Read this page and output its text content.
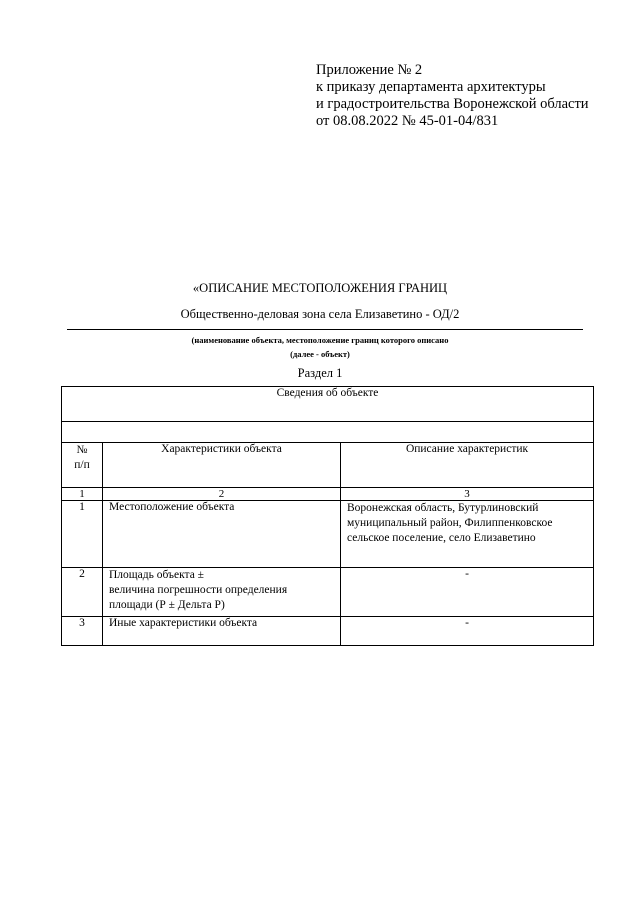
Приложение № 2
к приказу департамента архитектуры
и градостроительства Воронежской области
от 08.08.2022 № 45-01-04/831
«ОПИСАНИЕ МЕСТОПОЛОЖЕНИЯ ГРАНИЦ
Общественно-деловая зона села Елизаветино - ОД/2
(наименование объекта, местоположение границ которого описано
(далее - объект)
Раздел 1
Сведения об объекте		

№
п/п	Характеристики объекта	Описание характеристик
1	2	3
1	Местоположение объекта	Воронежская область, Бутурлиновский
муниципальный район, Филиппенковское
сельское поселение, село Елизаветино

2	Площадь объекта ±
величина погрешности определения
площади (Р ± Дельта Р)	-
3	Иные характеристики объекта	-
